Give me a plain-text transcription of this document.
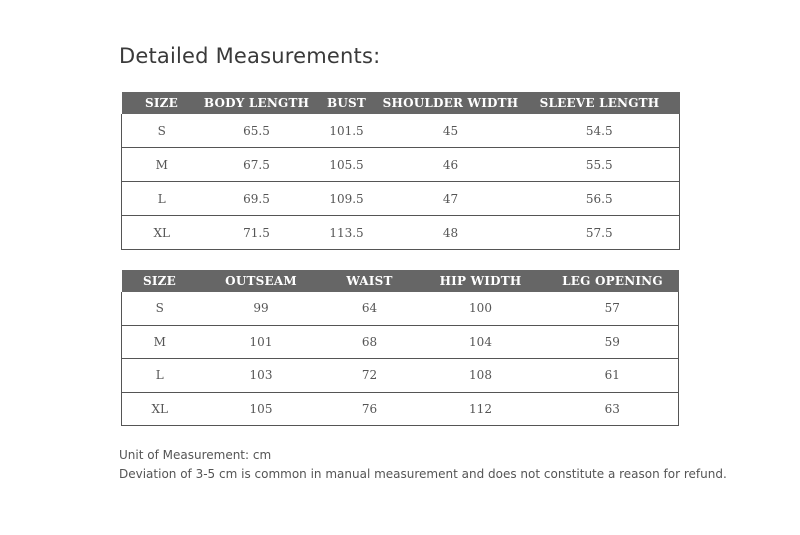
Detailed Measurements:
SIZE	BODY LENGTH	BUST	SHOULDER WIDTH	SLEEVE LENGTH
S	65.5	101.5	45	54.5
M	67.5	105.5	46	55.5
L	69.5	109.5	47	56.5
XL	71.5	113.5	48	57.5
SIZE	OUTSEAM	WAIST	HIP WIDTH	LEG OPENING
S	99	64	100	57
M	101	68	104	59
L	103	72	108	61
XL	105	76	112	63

Unit of Measurement: cm

Deviation of 3-5 cm is common in manual measurement and does not constitute a reason for refund.
